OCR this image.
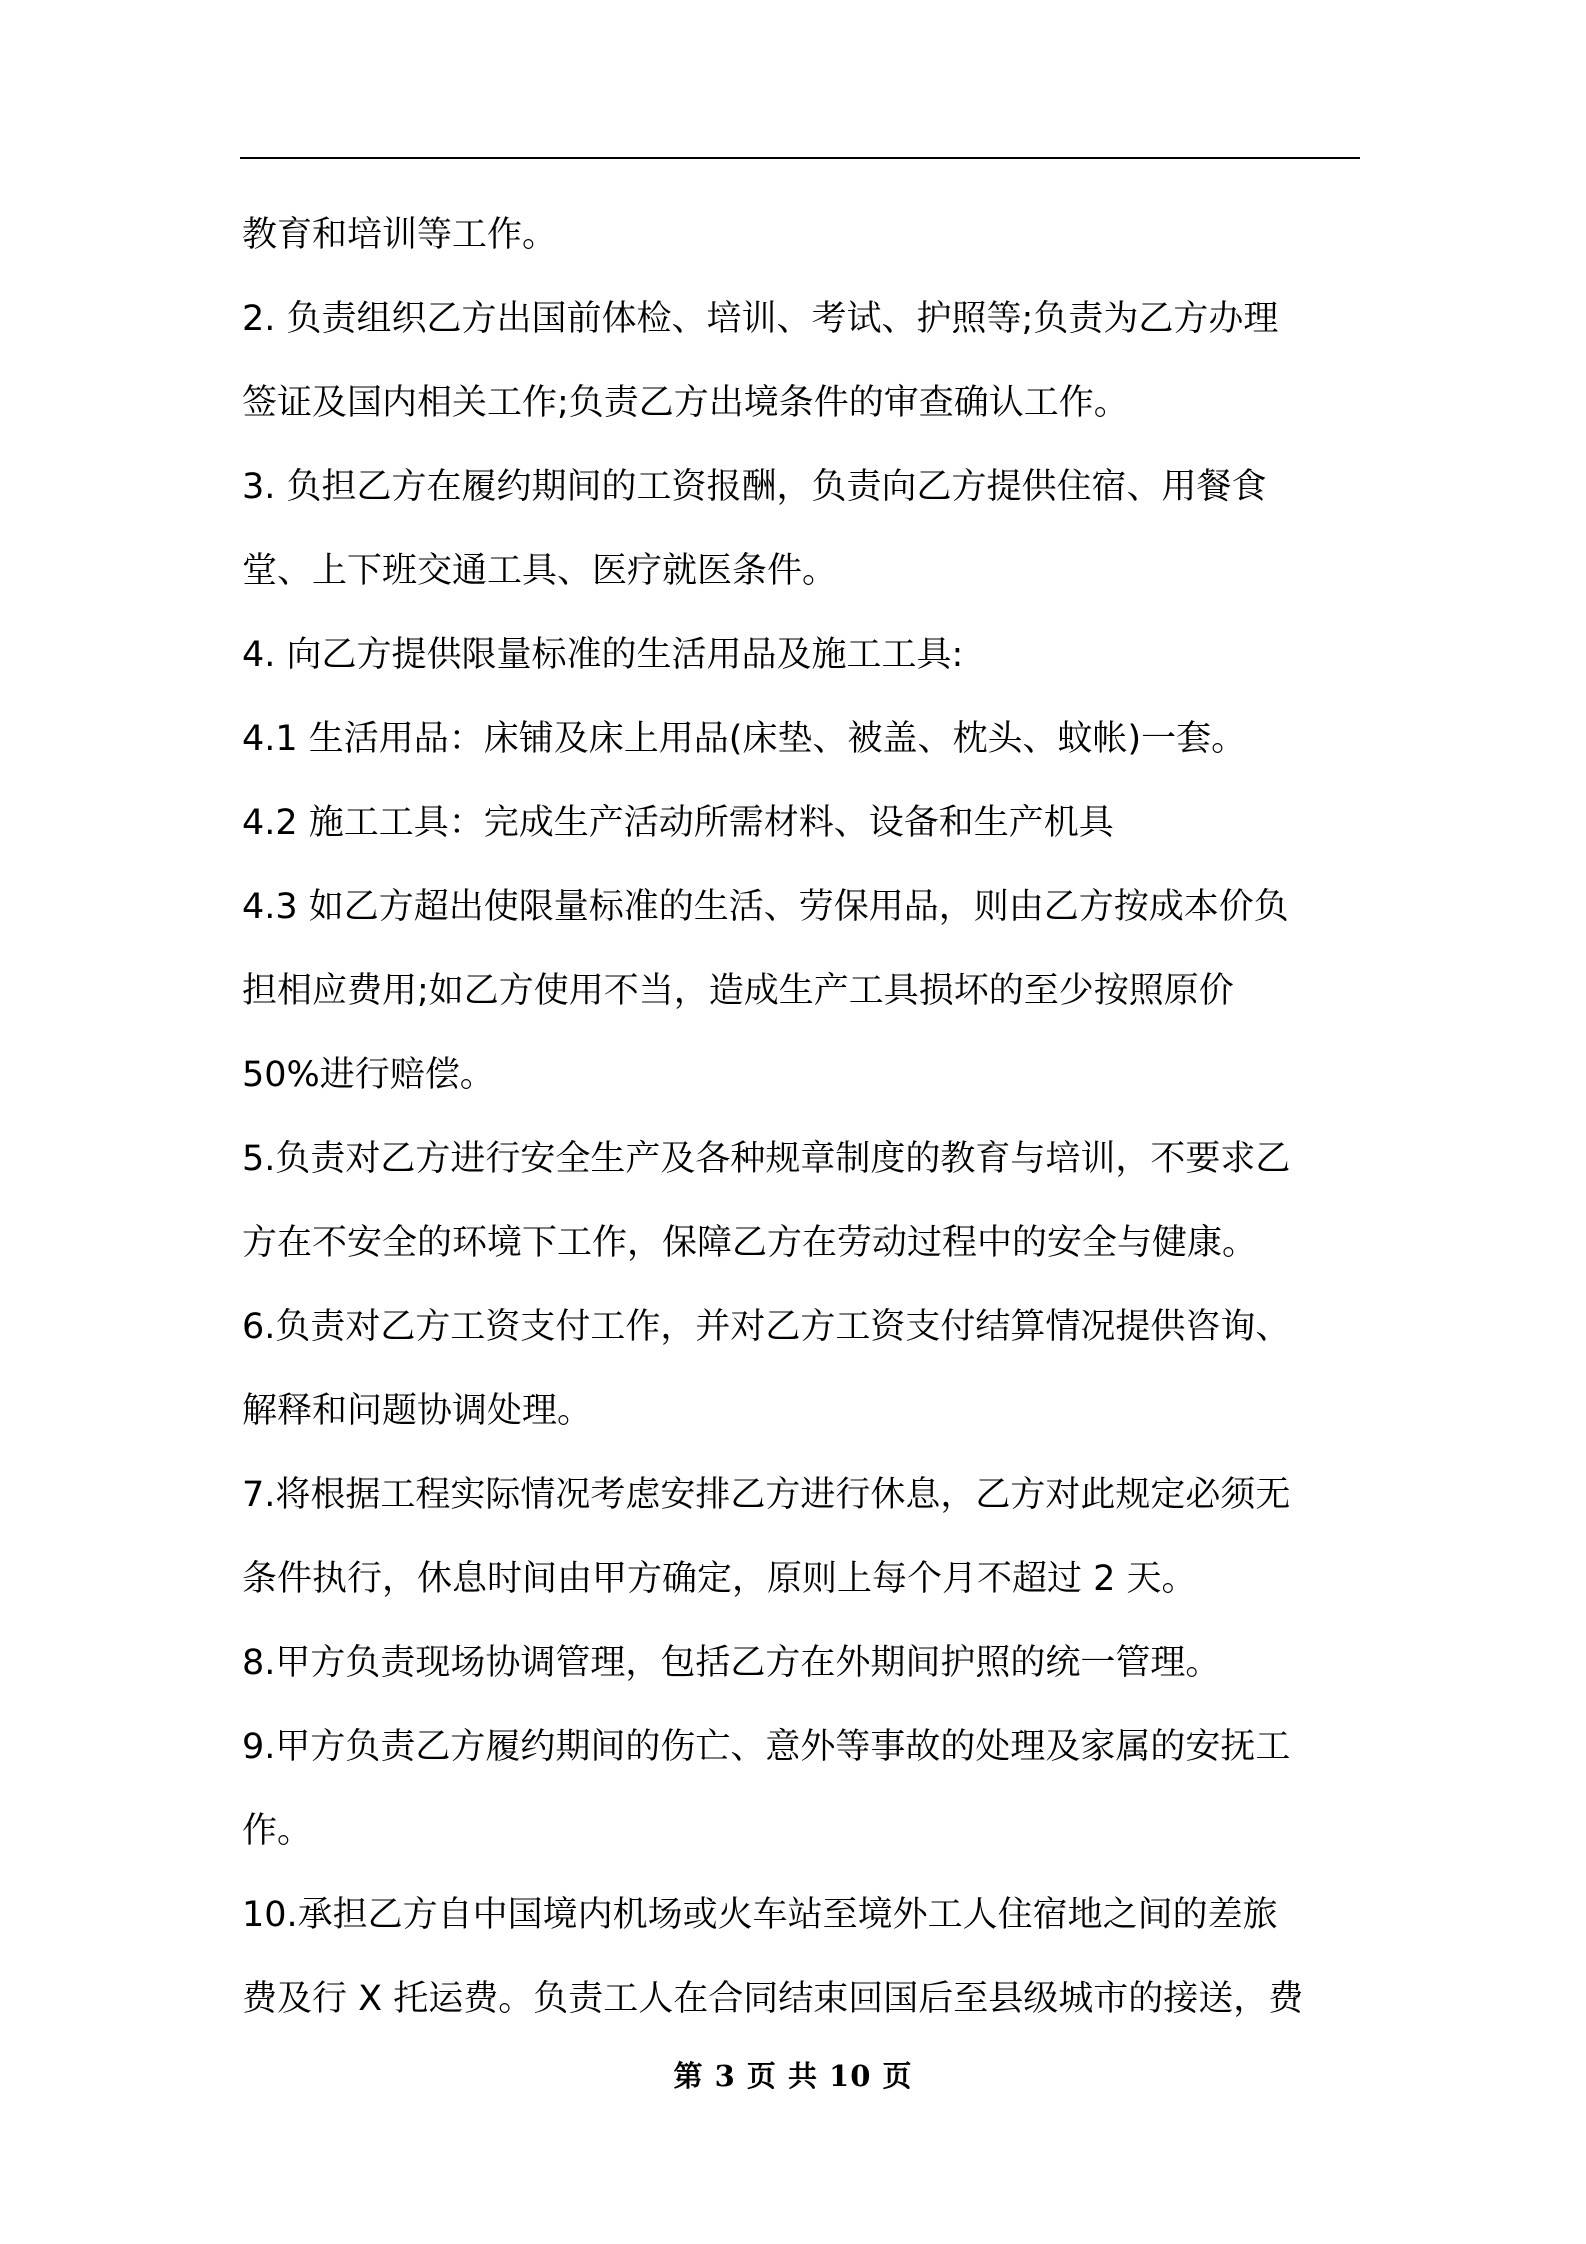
教育和培训等工作。
2. 负责组织乙方出国前体检、培训、考试、护照等;负责为乙方办理
签证及国内相关工作;负责乙方出境条件的审查确认工作。
3. 负担乙方在履约期间的工资报酬，负责向乙方提供住宿、用餐食
堂、上下班交通工具、医疗就医条件。
4. 向乙方提供限量标准的生活用品及施工工具:
4.1 生活用品：床铺及床上用品(床垫、被盖、枕头、蚊帐)一套。
4.2 施工工具：完成生产活动所需材料、设备和生产机具
4.3 如乙方超出使限量标准的生活、劳保用品，则由乙方按成本价负
担相应费用;如乙方使用不当，造成生产工具损坏的至少按照原价
50%进行赔偿。
5.负责对乙方进行安全生产及各种规章制度的教育与培训，不要求乙
方在不安全的环境下工作，保障乙方在劳动过程中的安全与健康。
6.负责对乙方工资支付工作，并对乙方工资支付结算情况提供咨询、
解释和问题协调处理。
7.将根据工程实际情况考虑安排乙方进行休息，乙方对此规定必须无
条件执行，休息时间由甲方确定，原则上每个月不超过 2 天。
8.甲方负责现场协调管理，包括乙方在外期间护照的统一管理。
9.甲方负责乙方履约期间的伤亡、意外等事故的处理及家属的安抚工
作。
10.承担乙方自中国境内机场或火车站至境外工人住宿地之间的差旅
费及行 X 托运费。负责工人在合同结束回国后至县级城市的接送，费
第 3 页 共 10 页
